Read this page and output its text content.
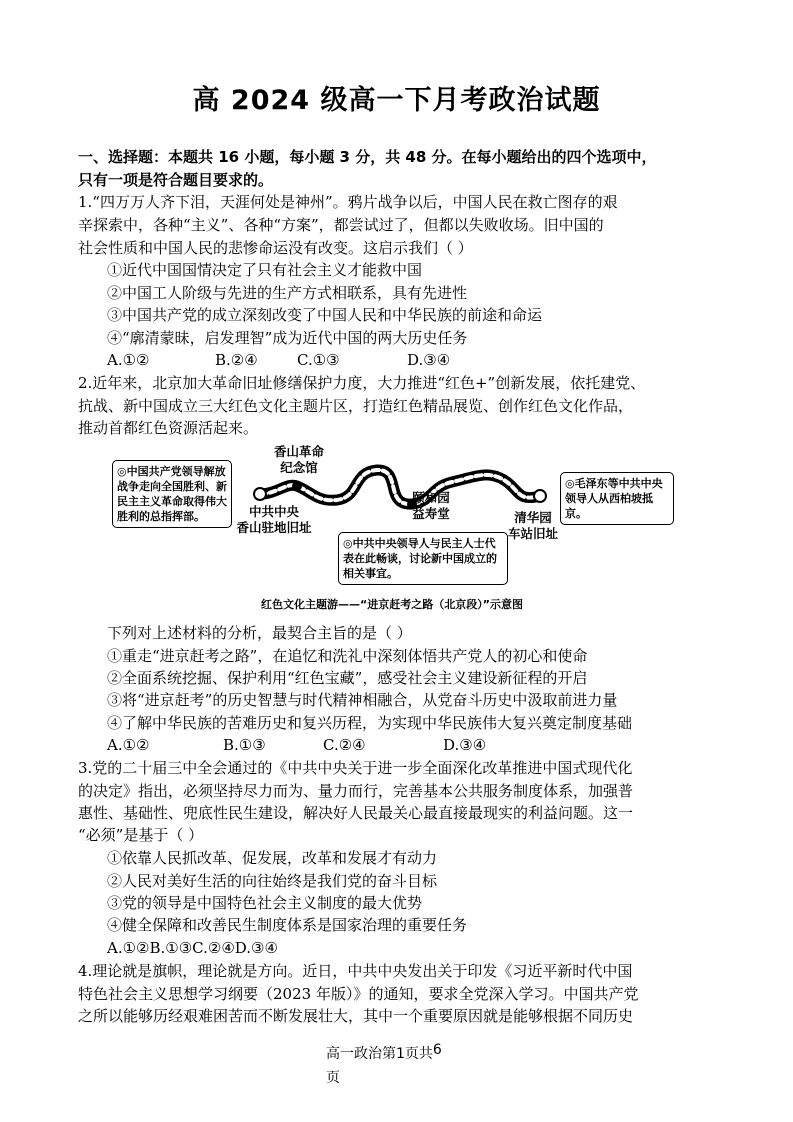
高 2024 级高一下月考政治试题
一、选择题：本题共 16 小题，每小题 3 分，共 48 分。在每小题给出的四个选项中，
只有一项是符合题目要求的。
1.“四万万人齐下泪，天涯何处是神州”。鸦片战争以后，中国人民在救亡图存的艰
辛探索中，各种“主义”、各种“方案”，都尝试过了，但都以失败收场。旧中国的
社会性质和中国人民的悲惨命运没有改变。这启示我们（ ）
①近代中国国情决定了只有社会主义才能救中国
②中国工人阶级与先进的生产方式相联系，具有先进性
③中国共产党的成立深刻改变了中国人民和中华民族的前途和命运
④“廓清蒙昧，启发理智”成为近代中国的两大历史任务
A.①②	B.②④	C.①③	D.③④
2.近年来，北京加大革命旧址修缮保护力度，大力推进“红色+”创新发展，依托建党、
抗战、新中国成立三大红色文化主题片区，打造红色精品展览、创作红色文化作品，
推动首都红色资源活起来。
◎中国共产党领导解放战争走向全国胜利、新民主主义革命取得伟大胜利的总指挥部。
◎中共中央领导人与民主人士代表在此畅谈，讨论新中国成立的相关事宜。
◎毛泽东等中共中央领导人从西柏坡抵京。
香山革命
纪念馆
中共中央
香山驻地旧址
颐和园
益寿堂	清华园
车站旧址
红色文化主题游——“进京赶考之路（北京段）”示意图
下列对上述材料的分析，最契合主旨的是（ ）
①重走“进京赶考之路”，在追忆和洗礼中深刻体悟共产党人的初心和使命
②全面系统挖掘、保护利用“红色宝藏”，感受社会主义建设新征程的开启
③将“进京赶考”的历史智慧与时代精神相融合，从党奋斗历史中汲取前进力量
④了解中华民族的苦难历史和复兴历程，为实现中华民族伟大复兴奠定制度基础
A.①②	B.①③	C.②④	D.③④
3.党的二十届三中全会通过的《中共中央关于进一步全面深化改革推进中国式现代化
的决定》指出，必须坚持尽力而为、量力而行，完善基本公共服务制度体系，加强普
惠性、基础性、兜底性民生建设，解决好人民最关心最直接最现实的利益问题。这一
“必须”是基于（ ）
①依靠人民抓改革、促发展，改革和发展才有动力
②人民对美好生活的向往始终是我们党的奋斗目标
③党的领导是中国特色社会主义制度的最大优势
④健全保障和改善民生制度体系是国家治理的重要任务
A.①②B.①③C.②④D.③④
4.理论就是旗帜，理论就是方向。近日，中共中央发出关于印发《习近平新时代中国
特色社会主义思想学习纲要（2023 年版）》的通知，要求全党深入学习。中国共产党
之所以能够历经艰难困苦而不断发展壮大，其中一个重要原因就是能够根据不同历史
高一政治第1页共6
页
